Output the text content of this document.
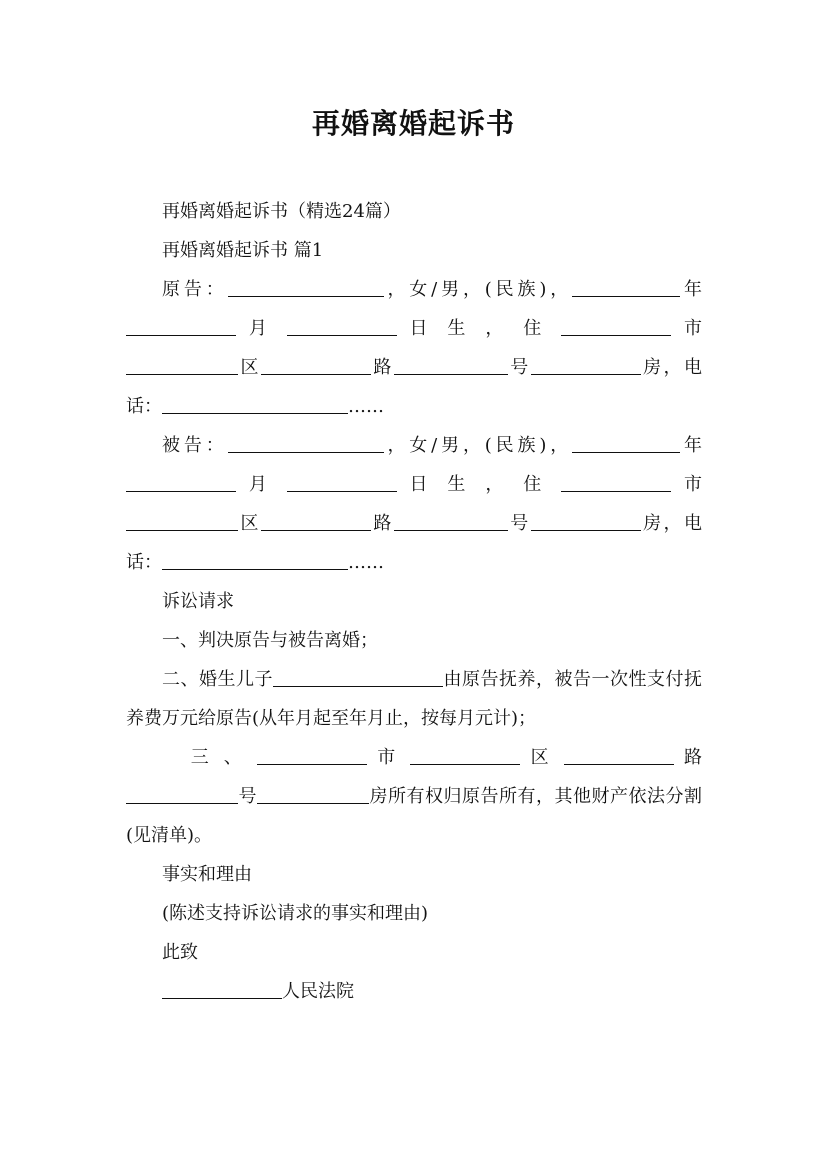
再婚离婚起诉书

再婚离婚起诉书（精选24篇）

再婚离婚起诉书 篇1

原告：	，女/男，(民族)，	年  月	日 生 ， 住	市区	路	号	房，电话：	……

被告：	，女/男，(民族)，	年  月	日 生 ， 住	市区	路	号	房，电话：	……

诉讼请求

一、判决原告与被告离婚；

二、婚生儿子	由原告抚养，被告一次性支付抚养费万元给原告(从年月起至年月止，按每月元计)；

三 、	市	区	路号	房所有权归原告所有，其他财产依法分割(见清单)。

事实和理由

(陈述支持诉讼请求的事实和理由)

此致

人民法院
